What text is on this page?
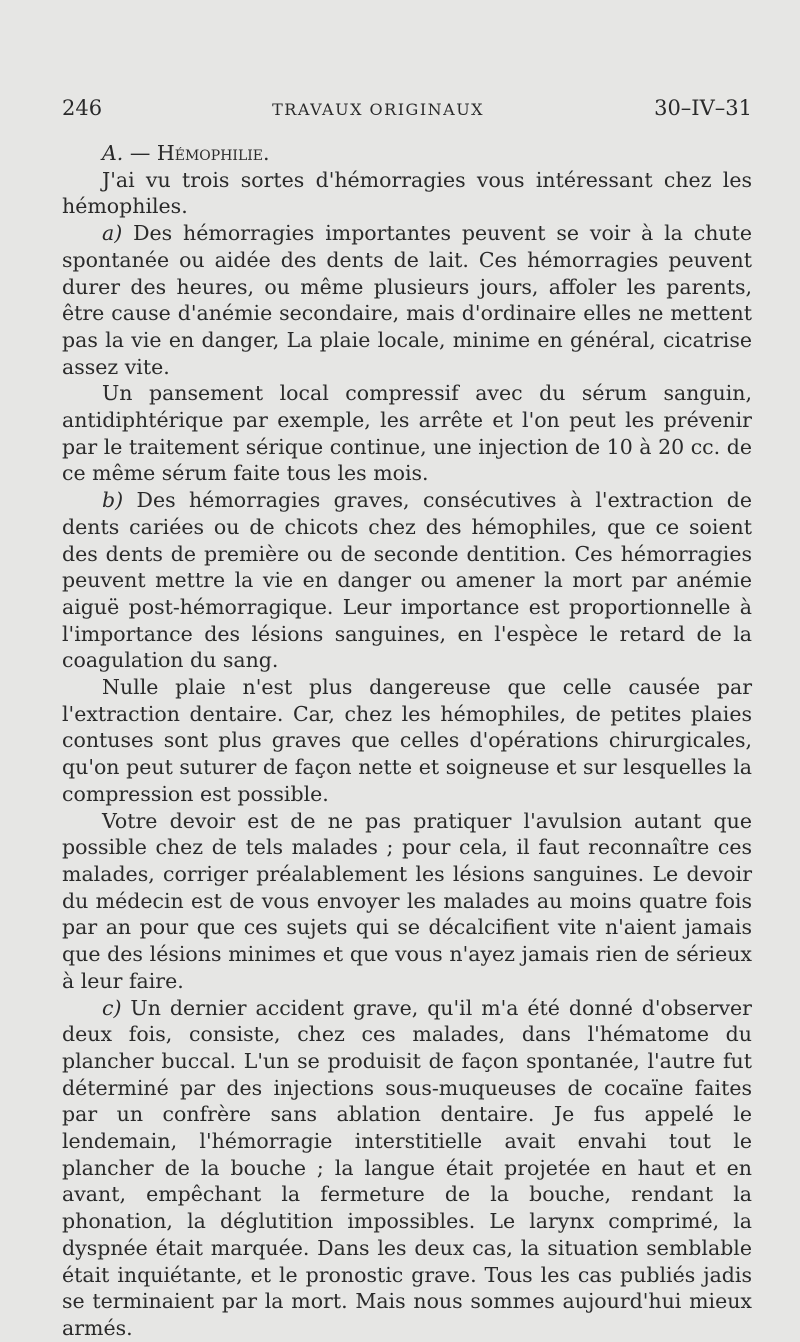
246	TRAVAUX ORIGINAUX	30–IV–31

A. — Hémophilie.

J'ai vu trois sortes d'hémorragies vous intéressant chez les hémophiles.

a) Des hémorragies importantes peuvent se voir à la chute spontanée ou aidée des dents de lait. Ces hémorragies peuvent durer des heures, ou même plusieurs jours, affoler les parents, être cause d'anémie secondaire, mais d'ordinaire elles ne mettent pas la vie en danger, La plaie locale, minime en général, cicatrise assez vite.

Un pansement local compressif avec du sérum sanguin, antidiphtérique par exemple, les arrête et l'on peut les prévenir par le traitement sérique continue, une injection de 10 à 20 cc. de ce même sérum faite tous les mois.

b) Des hémorragies graves, consécutives à l'extraction de dents cariées ou de chicots chez des hémophiles, que ce soient des dents de première ou de seconde dentition. Ces hémorragies peuvent mettre la vie en danger ou amener la mort par anémie aiguë post-hémorragique. Leur importance est proportionnelle à l'importance des lésions sanguines, en l'espèce le retard de la coagulation du sang.

Nulle plaie n'est plus dangereuse que celle causée par l'extraction dentaire. Car, chez les hémophiles, de petites plaies contuses sont plus graves que celles d'opérations chirurgicales, qu'on peut suturer de façon nette et soigneuse et sur lesquelles la compression est possible.

Votre devoir est de ne pas pratiquer l'avulsion autant que possible chez de tels malades ; pour cela, il faut reconnaître ces malades, corriger préalablement les lésions sanguines. Le devoir du médecin est de vous envoyer les malades au moins quatre fois par an pour que ces sujets qui se décalcifient vite n'aient jamais que des lésions minimes et que vous n'ayez jamais rien de sérieux à leur faire.

c) Un dernier accident grave, qu'il m'a été donné d'observer deux fois, consiste, chez ces malades, dans l'hématome du plancher buccal. L'un se produisit de façon spontanée, l'autre fut déterminé par des injections sous-muqueuses de cocaïne faites par un confrère sans ablation dentaire. Je fus appelé le lendemain, l'hémorragie interstitielle avait envahi tout le plancher de la bouche ; la langue était projetée en haut et en avant, empêchant la fermeture de la bouche, rendant la phonation, la déglutition impossibles. Le larynx comprimé, la dyspnée était marquée. Dans les deux cas, la situation semblable était inquiétante, et le pronostic grave. Tous les cas publiés jadis se terminaient par la mort. Mais nous sommes aujourd'hui mieux armés.
